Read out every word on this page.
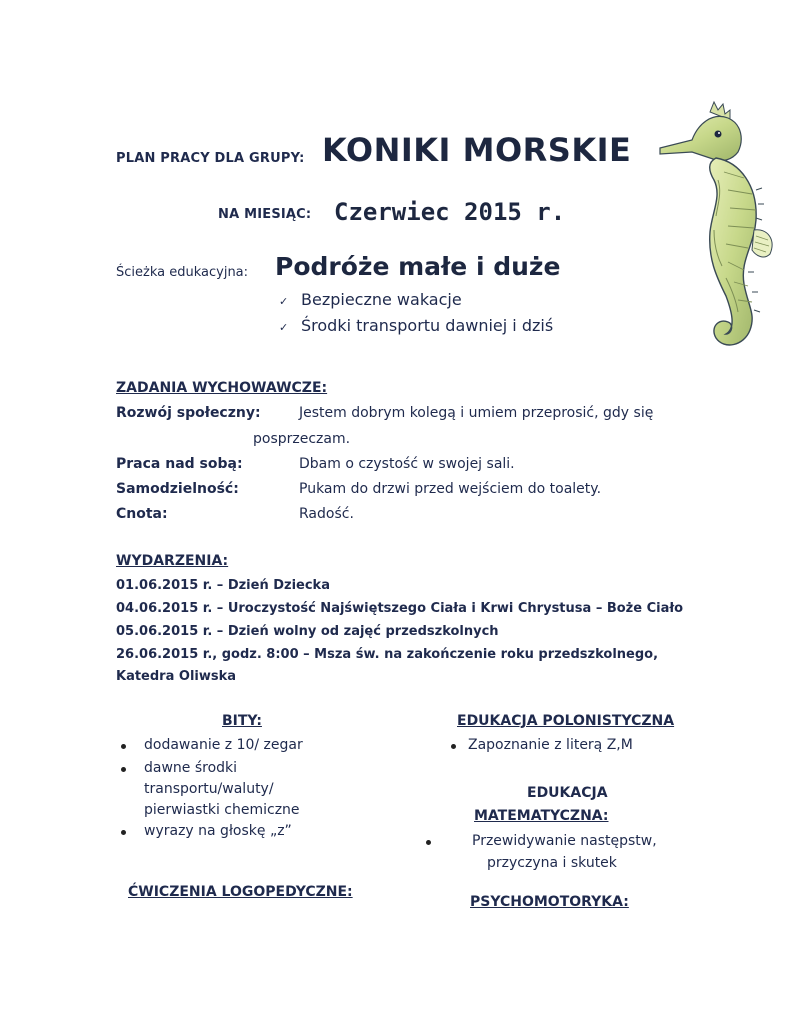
PLAN PRACY DLA GRUPY: KONIKI MORSKIE
NA MIESIĄC: Czerwiec 2015 r.
Ścieżka edukacyjna: Podróże małe i duże
✓ Bezpieczne wakacje
✓ Środki transportu dawniej i dziś
ZADANIA WYCHOWAWCZE:
Rozwój społeczny:	Jestem dobrym kolegą i umiem przeprosić, gdy się
posprzeczam.
Praca nad sobą:	Dbam o czystość w swojej sali.
Samodzielność:	Pukam do drzwi przed wejściem do toalety.
Cnota:	Radość.
WYDARZENIA:
01.06.2015 r. – Dzień Dziecka
04.06.2015 r. – Uroczystość Najświętszego Ciała i Krwi Chrystusa – Boże Ciało
05.06.2015 r. – Dzień wolny od zajęć przedszkolnych
26.06.2015 r., godz. 8:00 – Msza św. na zakończenie roku przedszkolnego,
Katedra Oliwska
BITY:
dodawanie z 10/ zegar
dawne środki
transportu/waluty/
pierwiastki chemiczne
wyrazy na głoskę „z”
ĆWICZENIA LOGOPEDYCZNE:
EDUKACJA POLONISTYCZNA
Zapoznanie z literą Z,M
EDUKACJA
MATEMATYCZNA:
Przewidywanie następstw,
przyczyna i skutek
PSYCHOMOTORYKA:
